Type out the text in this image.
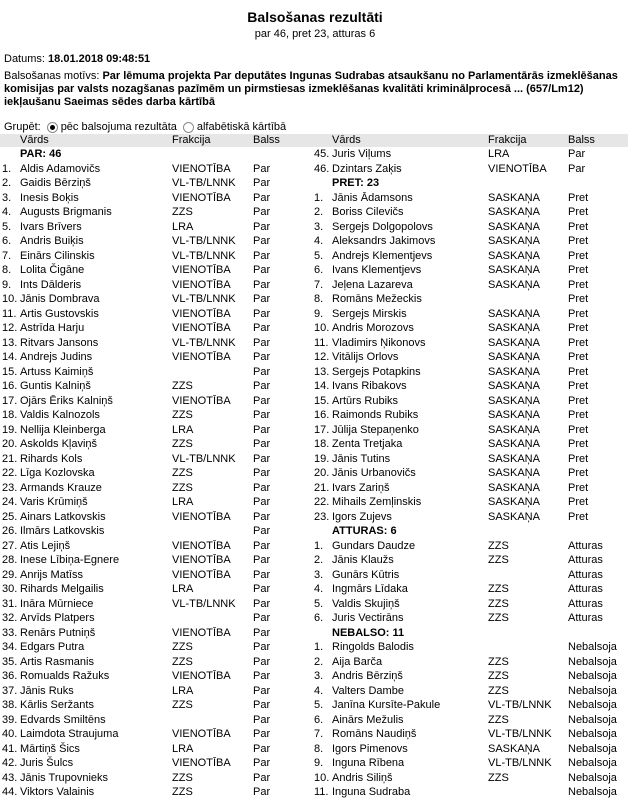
Balsošanas rezultāti
par 46, pret 23, atturas 6
Datums: 18.01.2018 09:48:51
Balsošanas motīvs: Par lēmuma projekta Par deputātes Ingunas Sudrabas atsaukšanu no Parlamentārās izmeklēšanas komisijas par valsts nozagšanas pazīmēm un pirmstiesas izmeklēšanas kvalitāti kriminālprocesā ... (657/Lm12) iekļaušanu Saeimas sēdes darba kārtībā
Grupēt: pēc balsojuma rezultāta alfabētiskā kārtībā
Vārds	Frakcija	Balss
PAR: 46
1. Aldis Adamovičs	VIENOTĪBA Par
2. Gaidis Bērziņš	VL-TB/LNNK Par
3. Inesis Boķis	VIENOTĪBA Par
4. Augusts Brigmanis	ZZS	Par
5. Ivars Brīvers	LRA	Par
6. Andris Buiķis	VL-TB/LNNK Par
7. Einārs Cilinskis	VL-TB/LNNK Par
8. Lolita Čigāne	VIENOTĪBA Par
9. Ints Dālderis	VIENOTĪBA Par
10. Jānis Dombrava	VL-TB/LNNK Par
11. Artis Gustovskis	VIENOTĪBA Par
12. Astrīda Harju	VIENOTĪBA Par
13. Ritvars Jansons	VL-TB/LNNK Par
14. Andrejs Judins	VIENOTĪBA Par
15. Artuss Kaimiņš	Par
16. Guntis Kalniņš	ZZS	Par
17. Ojārs Ēriks Kalniņš	VIENOTĪBA Par
18. Valdis Kalnozols	ZZS	Par
19. Nellija Kleinberga	LRA	Par
20. Askolds Kļaviņš	ZZS	Par
21. Rihards Kols	VL-TB/LNNK Par
22. Līga Kozlovska	ZZS	Par
23. Armands Krauze	ZZS	Par
24. Varis Krūmiņš	LRA	Par
25. Ainars Latkovskis	VIENOTĪBA Par
26. Ilmārs Latkovskis	Par
27. Atis Lejiņš	VIENOTĪBA Par
28. Inese Lībiņa-Egnere	VIENOTĪBA Par
29. Anrijs Matīss	VIENOTĪBA Par
30. Rihards Melgailis	LRA	Par
31. Ināra Mūrniece	VL-TB/LNNK Par
32. Arvīds Platpers	Par
33. Renārs Putniņš	VIENOTĪBA Par
34. Edgars Putra	ZZS	Par
35. Artis Rasmanis	ZZS	Par
36. Romualds Ražuks	VIENOTĪBA Par
37. Jānis Ruks	LRA	Par
38. Kārlis Seržants	ZZS	Par
39. Edvards Smiltēns	Par
40. Laimdota Straujuma	VIENOTĪBA Par
41. Mārtiņš Šics	LRA	Par
42. Juris Šulcs	VIENOTĪBA Par
43. Jānis Trupovnieks	ZZS	Par
44. Viktors Valainis	ZZS	Par
Vārds	Frakcija	Balss
45. Juris Viļums	LRA	Par
46. Dzintars Zaķis	VIENOTĪBA Par
PRET: 23
1. Jānis Ādamsons	SASKAŅA	Pret
2. Boriss Cilevičs	SASKAŅA	Pret
3. Sergejs Dolgopolovs	SASKAŅA	Pret
4. Aleksandrs Jakimovs	SASKAŅA	Pret
5. Andrejs Klementjevs	SASKAŅA	Pret
6. Ivans Klementjevs	SASKAŅA	Pret
7. Jeļena Lazareva	SASKAŅA	Pret
8. Romāns Mežeckis	Pret
9. Sergejs Mirskis	SASKAŅA	Pret
10. Andris Morozovs	SASKAŅA	Pret
11. Vladimirs Ņikonovs	SASKAŅA	Pret
12. Vitālijs Orlovs	SASKAŅA	Pret
13. Sergejs Potapkins	SASKAŅA	Pret
14. Ivans Ribakovs	SASKAŅA	Pret
15. Artūrs Rubiks	SASKAŅA	Pret
16. Raimonds Rubiks	SASKAŅA	Pret
17. Jūlija Stepaņenko	SASKAŅA	Pret
18. Zenta Tretjaka	SASKAŅA	Pret
19. Jānis Tutins	SASKAŅA	Pret
20. Jānis Urbanovičs	SASKAŅA	Pret
21. Ivars Zariņš	SASKAŅA	Pret
22. Mihails Zemļinskis	SASKAŅA	Pret
23. Igors Zujevs	SASKAŅA	Pret
ATTURAS: 6
1. Gundars Daudze	ZZS	Atturas
2. Jānis Klaužs	ZZS	Atturas
3. Gunārs Kūtris	Atturas
4. Ingmārs Līdaka	ZZS	Atturas
5. Valdis Skujiņš	ZZS	Atturas
6. Juris Vectirāns	ZZS	Atturas
NEBALSO: 11
1. Ringolds Balodis	Nebalsoja
2. Aija Barča	ZZS	Nebalsoja
3. Andris Bērziņš	ZZS	Nebalsoja
4. Valters Dambe	ZZS	Nebalsoja
5. Janīna Kursīte-Pakule	VL-TB/LNNK Nebalsoja
6. Ainārs Mežulis	ZZS	Nebalsoja
7. Romāns Naudiņš	VL-TB/LNNK Nebalsoja
8. Igors Pimenovs	SASKAŅA	Nebalsoja
9. Inguna Rībena	VL-TB/LNNK Nebalsoja
10. Andris Siliņš	ZZS	Nebalsoja
11. Inguna Sudraba	Nebalsoja
